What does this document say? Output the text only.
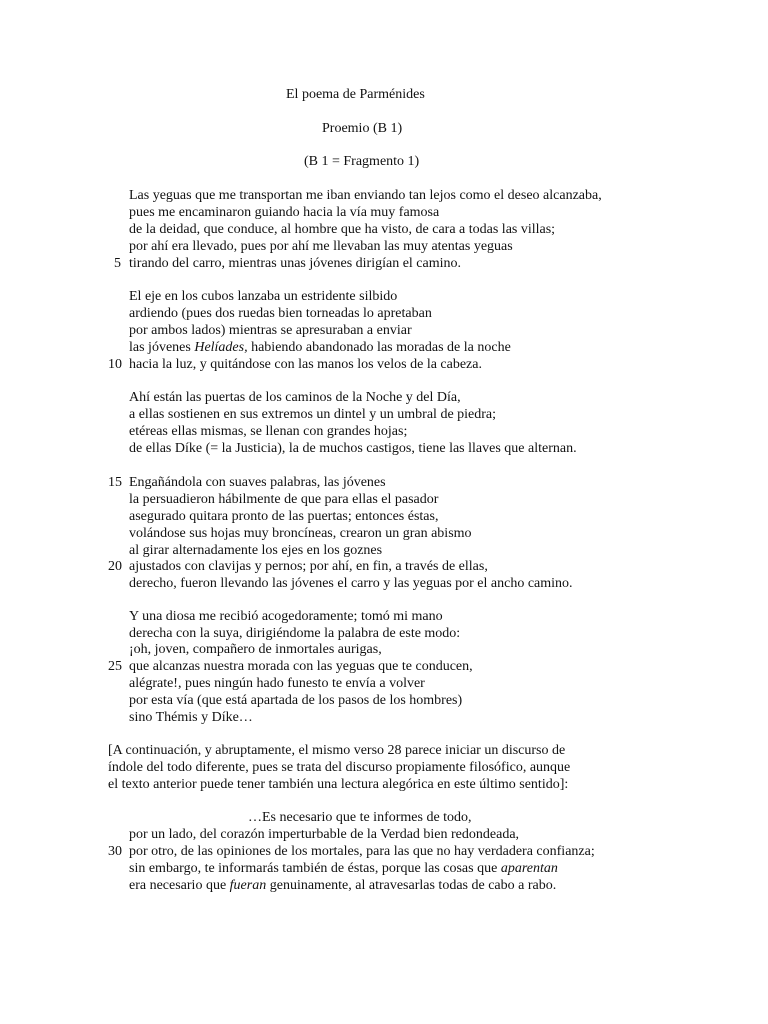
El poema de Parménides
Proemio (B 1)
(B 1 = Fragmento 1)
Las yeguas que me transportan me iban enviando tan lejos como el deseo alcanzaba,
pues me encaminaron guiando hacia la vía muy famosa
de la deidad, que conduce, al hombre que ha visto, de cara a todas las villas;
por ahí era llevado, pues por ahí me llevaban las muy atentas yeguas
5 tirando del carro, mientras unas jóvenes dirigían el camino.
El eje en los cubos lanzaba un estridente silbido
ardiendo (pues dos ruedas bien torneadas lo apretaban
por ambos lados) mientras se apresuraban a enviar
las jóvenes Helíades, habiendo abandonado las moradas de la noche
10 hacia la luz, y quitándose con las manos los velos de la cabeza.
Ahí están las puertas de los caminos de la Noche y del Día,
a ellas sostienen en sus extremos un dintel y un umbral de piedra;
etéreas ellas mismas, se llenan con grandes hojas;
de ellas Díke (= la Justicia), la de muchos castigos, tiene las llaves que alternan.
15 Engañándola con suaves palabras, las jóvenes
la persuadieron hábilmente de que para ellas el pasador
asegurado quitara pronto de las puertas; entonces éstas,
volándose sus hojas muy broncíneas, crearon un gran abismo
al girar alternadamente los ejes en los goznes
20 ajustados con clavijas y pernos; por ahí, en fin, a través de ellas,
derecho, fueron llevando las jóvenes el carro y las yeguas por el ancho camino.
Y una diosa me recibió acogedoramente; tomó mi mano
derecha con la suya, dirigiéndome la palabra de este modo:
¡oh, joven, compañero de inmortales aurigas,
25 que alcanzas nuestra morada con las yeguas que te conducen,
alégrate!, pues ningún hado funesto te envía a volver
por esta vía (que está apartada de los pasos de los hombres)
sino Thémis y Díke…
[A continuación, y abruptamente, el mismo verso 28 parece iniciar un discurso de
índole del todo diferente, pues se trata del discurso propiamente filosófico, aunque
el texto anterior puede tener también una lectura alegórica en este último sentido]:
…Es necesario que te informes de todo,
por un lado, del corazón imperturbable de la Verdad bien redondeada,
30 por otro, de las opiniones de los mortales, para las que no hay verdadera confianza;
sin embargo, te informarás también de éstas, porque las cosas que aparentan
era necesario que fueran genuinamente, al atravesarlas todas de cabo a rabo.
